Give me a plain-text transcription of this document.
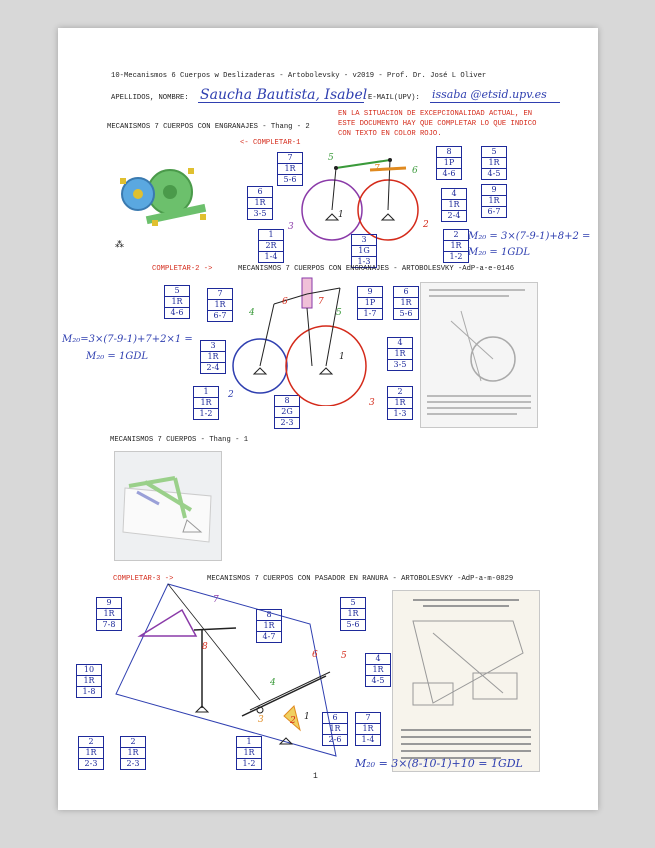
10-Mecanismos 6 Cuerpos w Deslizaderas - Artobolevsky - v2019 - Prof. Dr. José L Oliver
APELLIDOS, NOMBRE: Saucha Bautista, Isabel E-MAIL(UPV): issaba @etsid.upv.es
EN LA SITUACION DE EXCEPCIONALIDAD ACTUAL, EN
ESTE DOCUMENTO HAY QUE COMPLETAR LO QUE INDICO
CON TEXTO EN COLOR ROJO.
MECANISMOS 7 CUERPOS CON ENGRANAJES - Thang - 2
<- COMPLETAR-1
⁂
5
7	6
1
3	2
7
1R
5-6
6
1R
3-5
1
2R
1-4
3
1G
1-3
8
1P
4-6
5
1R
4-5
4
1R
2-4
9
1R
6-7
2
1R
1-2
M₂₀ = 3×(7-9-1)+8+2 =
M₂₀ = 1GDL
COMPLETAR-2 ->	MECANISMOS 7 CUERPOS CON ENGRANAJES - ARTOBOLESVKY -AdP-a-e-0146
5
1R
4-6
7
1R
6-7
3
1R
2-4
1
1R
1-2
8
2G
2-3
9
1P
1-7
6
1R
5-6
4
1R
3-5
2
1R
1-3
M₂₀=3×(7-9-1)+7+2×1 =
M₂₀ = 1GDL
4
6	7
5
1
2
3
MECANISMOS 7 CUERPOS - Thang - 1
COMPLETAR-3 ->	MECANISMOS 7 CUERPOS CON PASADOR EN RANURA - ARTOBOLESVKY -AdP-a-m-0829
7
8
6	5
4
3	2 1
9
1R
7-8
8
1R
4-7
5
1R
5-6
10
1R
1-8
4
1R
4-5
6
1R
2-6
7
1R
1-4
2
1R
2-3
2
1R
2-3
1
1R
1-2	M₂₀ = 3×(8-10-1)+10 = 1GDL
1
